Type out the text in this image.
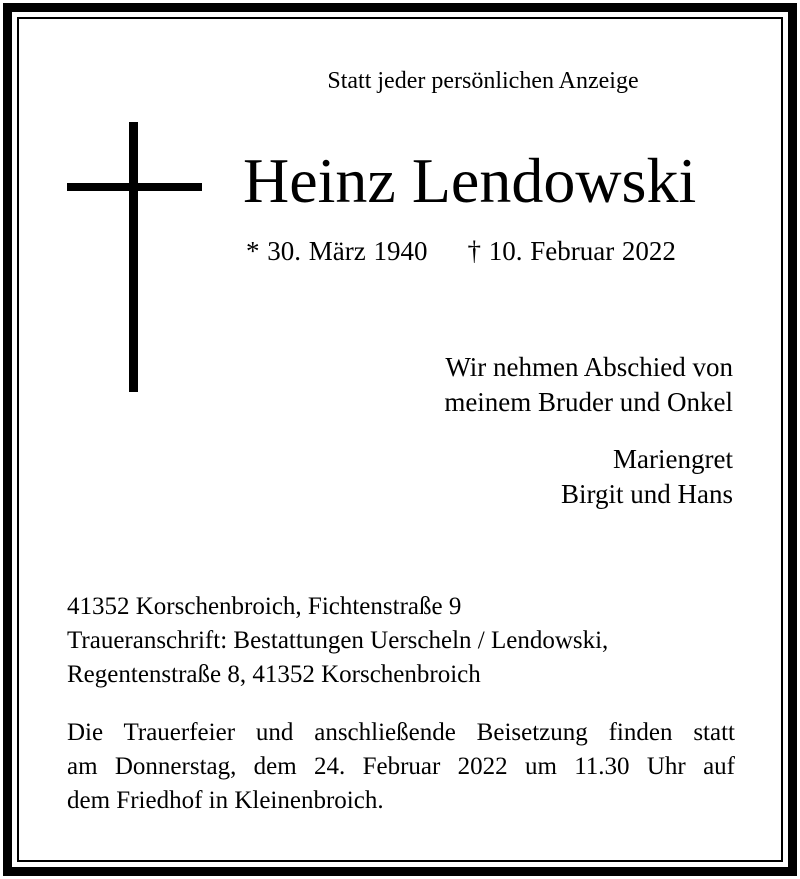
Statt jeder persönlichen Anzeige
Heinz Lendowski
* 30. März 1940 † 10. Februar 2022
Wir nehmen Abschied von
meinem Bruder und Onkel
Mariengret
Birgit und Hans
41352 Korschenbroich, Fichtenstraße 9
Traueranschrift: Bestattungen Uerscheln / Lendowski,
Regentenstraße 8, 41352 Korschenbroich
Die Trauerfeier und anschließende Beisetzung finden statt
am Donnerstag, dem 24. Februar 2022 um 11.30 Uhr auf
dem Friedhof in Kleinenbroich.
